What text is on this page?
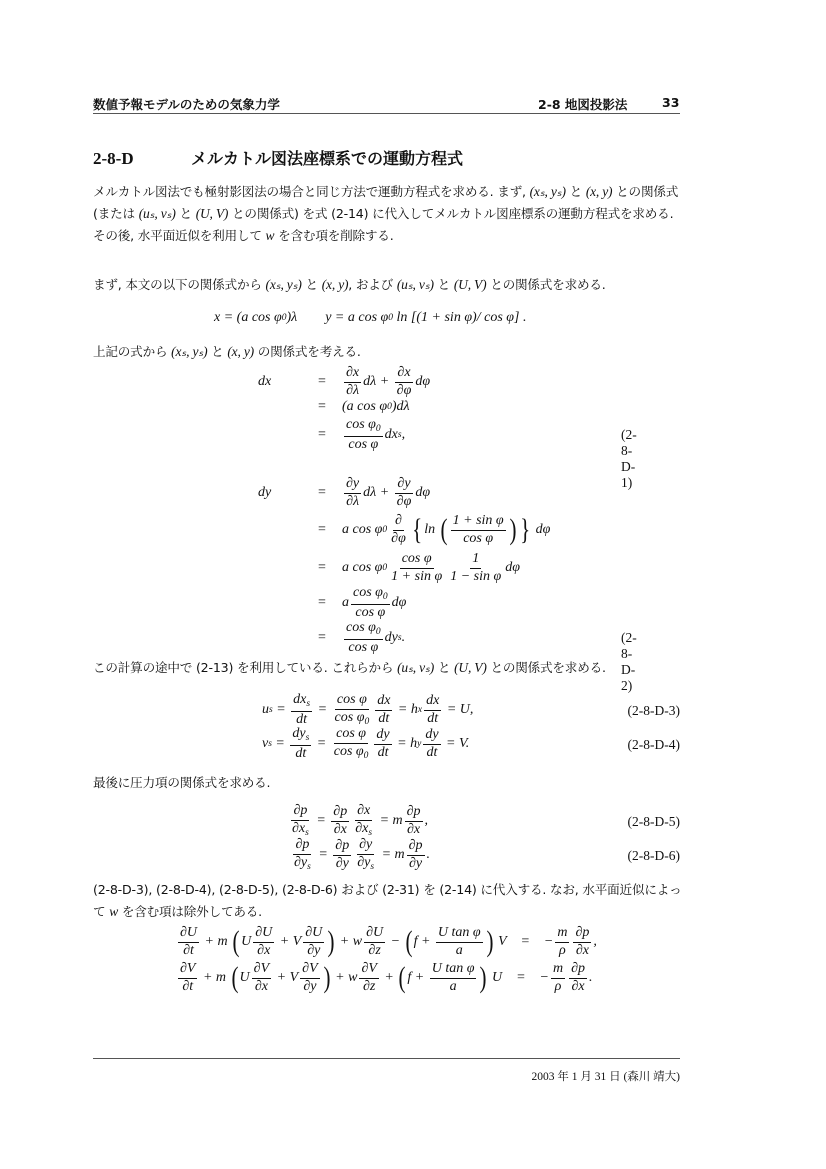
数値予報モデルのための気象力学	2-8 地図投影法	33
2-8-D	メルカトル図法座標系での運動方程式
メルカトル図法でも極射影図法の場合と同じ方法で運動方程式を求める. まず, (xₛ, yₛ) と (x, y) との関係式 (または (uₛ, vₛ) と (U, V) との関係式) を式 (2-14) に代入してメルカトル図座標系の運動方程式を求める. その後, 水平面近似を利用して w を含む項を削除する.
まず, 本文の以下の関係式から (xₛ, yₛ) と (x, y), および (uₛ, vₛ) と (U, V) との関係式を求める.
x = (a cos φ 0 )λ        y = a cos φ 0 ln [(1 + sin φ)/ cos φ] .
上記の式から (xₛ, yₛ) と (x, y) の関係式を考える.
dx	=	$\frac{\partial x}{\partial\lambda}$ $d\lambda + \frac{\partial x}{\partial\varphi}$ dφ
=	(a cos φ 0 )dλ
=	$\frac{\cos \varphi_0}{\text{cos φ}}$ dx s ,	(2-8-D-1)
dy	=	$\frac{\partial y}{\partial\lambda}$ $d\lambda + \frac{\partial y}{\partial\varphi}$ dφ
=	a cos φ $0 \frac{\partial}{\partial\varphi}$ { ln ( $\frac{\text{1 + sin φ}}{\text{cos φ}}$ ) } dφ
=	a cos φ $0 \frac{\text{cos φ}}{\text{1 + sin φ}} \frac{1}{\text{1 − sin φ}}$ dφ
=	a $\frac{\cos \varphi_0}{\text{cos φ}}$ dφ
=	$\frac{\cos \varphi_0}{\text{cos φ}}$ dy s .	(2-8-D-2)
この計算の途中で (2-13) を利用している. これらから (uₛ, vₛ) と (U, V) との関係式を求める.
u $s = \frac{dx_s}{dt} = \frac{\text{cos φ}}{\cos \varphi_0} \frac{dx}{dt} = h$ x $\frac{dx}{dt} = U$,	(2-8-D-3)
v $s = \frac{dy_s}{dt} = \frac{\text{cos φ}}{\cos \varphi_0} \frac{dy}{dt} = h$ y $\frac{dy}{dt} = V$.	(2-8-D-4)
最後に圧力項の関係式を求める.
$\frac{\partial p}{\partial x_s} = \frac{\partial p}{\partial x} \frac{\partial x}{\partial x_s} = m \frac{\partial p}{\partial x}$ ,	(2-8-D-5)
$\frac{\partial p}{\partial y_s} = \frac{\partial p}{\partial y} \frac{\partial y}{\partial y_s} = m \frac{\partial p}{\partial y}$ .	(2-8-D-6)
(2-8-D-3), (2-8-D-4), (2-8-D-5), (2-8-D-6) および (2-31) を (2-14) に代入する. なお, 水平面近似によって w を含む項は除外してある.
$\frac{\partial U}{\partial t} + m$ ( U $\frac{\partial U}{\partial x} + V \frac{\partial U}{\partial y}$ ) + w $\frac{\partial U}{\partial z}$ − ( $f + \frac{\text{U tan φ}}{a}$ ) V    =    − $\frac{m}{\rho} \frac{\partial p}{\partial x}$ ,
$\frac{\partial V}{\partial t} + m$ ( U $\frac{\partial V}{\partial x} + V \frac{\partial V}{\partial y}$ ) + w $\frac{\partial V}{\partial z}$ + ( $f + \frac{\text{U tan φ}}{a}$ ) U    =    − $\frac{m}{\rho} \frac{\partial p}{\partial x}$ .
2003 年 1 月 31 日 (森川 靖大)
